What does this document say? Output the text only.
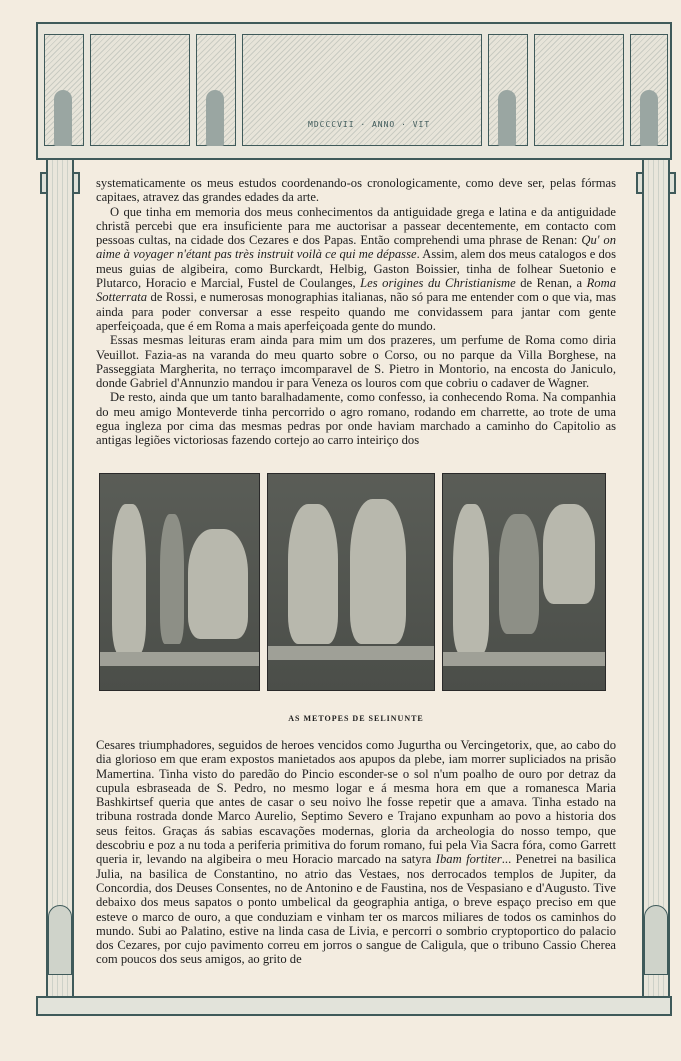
MDCCCVII · ANNO · VIT

systematicamente os meus estudos coordenando-os cronologicamente, como deve ser, pelas fórmas capitaes, atravez das grandes edades da arte.

O que tinha em memoria dos meus conhecimentos da antiguidade grega e latina e da antiguidade christã percebi que era insuficiente para me auctorisar a passear decentemente, em contacto com pessoas cultas, na cidade dos Cezares e dos Papas. Então comprehendi uma phrase de Renan: Qu' on aime à voyager n'étant pas très instruit voilà ce qui me dépasse. Assim, alem dos meus catalogos e dos meus guias de algibeira, como Burckardt, Helbig, Gaston Boissier, tinha de folhear Suetonio e Plutarco, Horacio e Marcial, Fustel de Coulanges, Les origines du Christianisme de Renan, a Roma Sotterrata de Rossi, e numerosas monographias italianas, não só para me entender com o que via, mas ainda para poder conversar a esse respeito quando me convidassem para jantar com gente aperfeiçoada, que é em Roma a mais aperfeiçoada gente do mundo.

Essas mesmas leituras eram ainda para mim um dos prazeres, um perfume de Roma como diria Veuillot. Fazia-as na varanda do meu quarto sobre o Corso, ou no parque da Villa Borghese, na Passeggiata Margherita, no terraço imcomparavel de S. Pietro in Montorio, na encosta do Janiculo, donde Gabriel d'Annunzio mandou ir para Veneza os louros com que cobriu o cadaver de Wagner.

De resto, ainda que um tanto baralhadamente, como confesso, ia conhecendo Roma. Na companhia do meu amigo Monteverde tinha percorrido o agro romano, rodando em charrette, ao trote de uma egua ingleza por cima das mesmas pedras por onde haviam marchado a caminho do Capitolio as antigas legiões victoriosas fazendo cortejo ao carro inteiriço dos

AS METOPES DE SELINUNTE

Cesares triumphadores, seguidos de heroes vencidos como Jugurtha ou Vercingetorix, que, ao cabo do dia glorioso em que eram expostos manietados aos apupos da plebe, iam morrer supliciados na prisão Mamertina. Tinha visto do paredão do Pincio esconder-se o sol n'um poalho de ouro por detraz da cupula esbraseada de S. Pedro, no mesmo logar e á mesma hora em que a romanesca Maria Bashkirtsef queria que antes de casar o seu noivo lhe fosse repetir que a amava. Tinha estado na tribuna rostrada donde Marco Aurelio, Septimo Severo e Trajano expunham ao povo a historia dos seus feitos. Graças ás sabias escavações modernas, gloria da archeologia do nosso tempo, que descobriu e poz a nu toda a periferia primitiva do forum romano, fui pela Via Sacra fóra, como Garrett queria ir, levando na algibeira o meu Horacio marcado na satyra Ibam fortiter... Penetrei na basilica Julia, na basilica de Constantino, no atrio das Vestaes, nos derrocados templos de Jupiter, da Concordia, dos Deuses Consentes, no de Antonino e de Faustina, nos de Vespasiano e d'Augusto. Tive debaixo dos meus sapatos o ponto umbelical da geographia antiga, o breve espaço preciso em que esteve o marco de ouro, a que conduziam e vinham ter os marcos miliares de todos os caminhos do mundo. Subi ao Palatino, estive na linda casa de Livia, e percorri o sombrio cryptoportico do palacio dos Cezares, por cujo pavimento correu em jorros o sangue de Caligula, que o tribuno Cassio Cherea com poucos dos seus amigos, ao grito de
